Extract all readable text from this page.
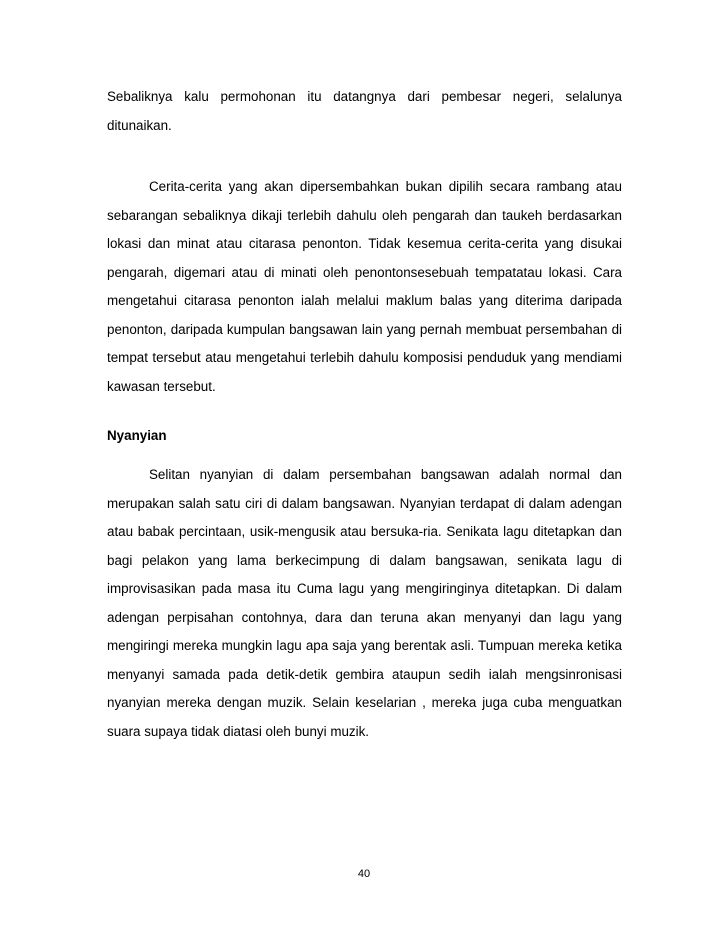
Sebaliknya kalu permohonan itu datangnya dari pembesar negeri, selalunya ditunaikan.

Cerita-cerita yang akan dipersembahkan bukan dipilih secara rambang atau sebarangan sebaliknya dikaji terlebih dahulu oleh pengarah dan taukeh berdasarkan lokasi dan minat atau citarasa penonton. Tidak kesemua cerita-cerita yang disukai pengarah, digemari atau di minati oleh penontonsesebuah tempatatau lokasi. Cara mengetahui citarasa penonton ialah melalui maklum balas yang diterima daripada penonton, daripada kumpulan bangsawan lain yang pernah membuat persembahan di tempat tersebut atau mengetahui terlebih dahulu komposisi penduduk yang mendiami kawasan tersebut.

Nyanyian

Selitan nyanyian di dalam persembahan bangsawan adalah normal dan merupakan salah satu ciri di dalam bangsawan. Nyanyian terdapat di dalam adengan atau babak percintaan, usik-mengusik atau bersuka-ria. Senikata lagu ditetapkan dan bagi pelakon yang lama berkecimpung di dalam bangsawan, senikata lagu di improvisasikan pada masa itu Cuma lagu yang mengiringinya ditetapkan. Di dalam adengan perpisahan contohnya, dara dan teruna akan menyanyi dan lagu yang mengiringi mereka mungkin lagu apa saja yang berentak asli. Tumpuan mereka ketika menyanyi samada pada detik-detik gembira ataupun sedih ialah mengsinronisasi nyanyian mereka dengan muzik. Selain keselarian , mereka juga cuba menguatkan suara supaya tidak diatasi oleh bunyi muzik.

40
